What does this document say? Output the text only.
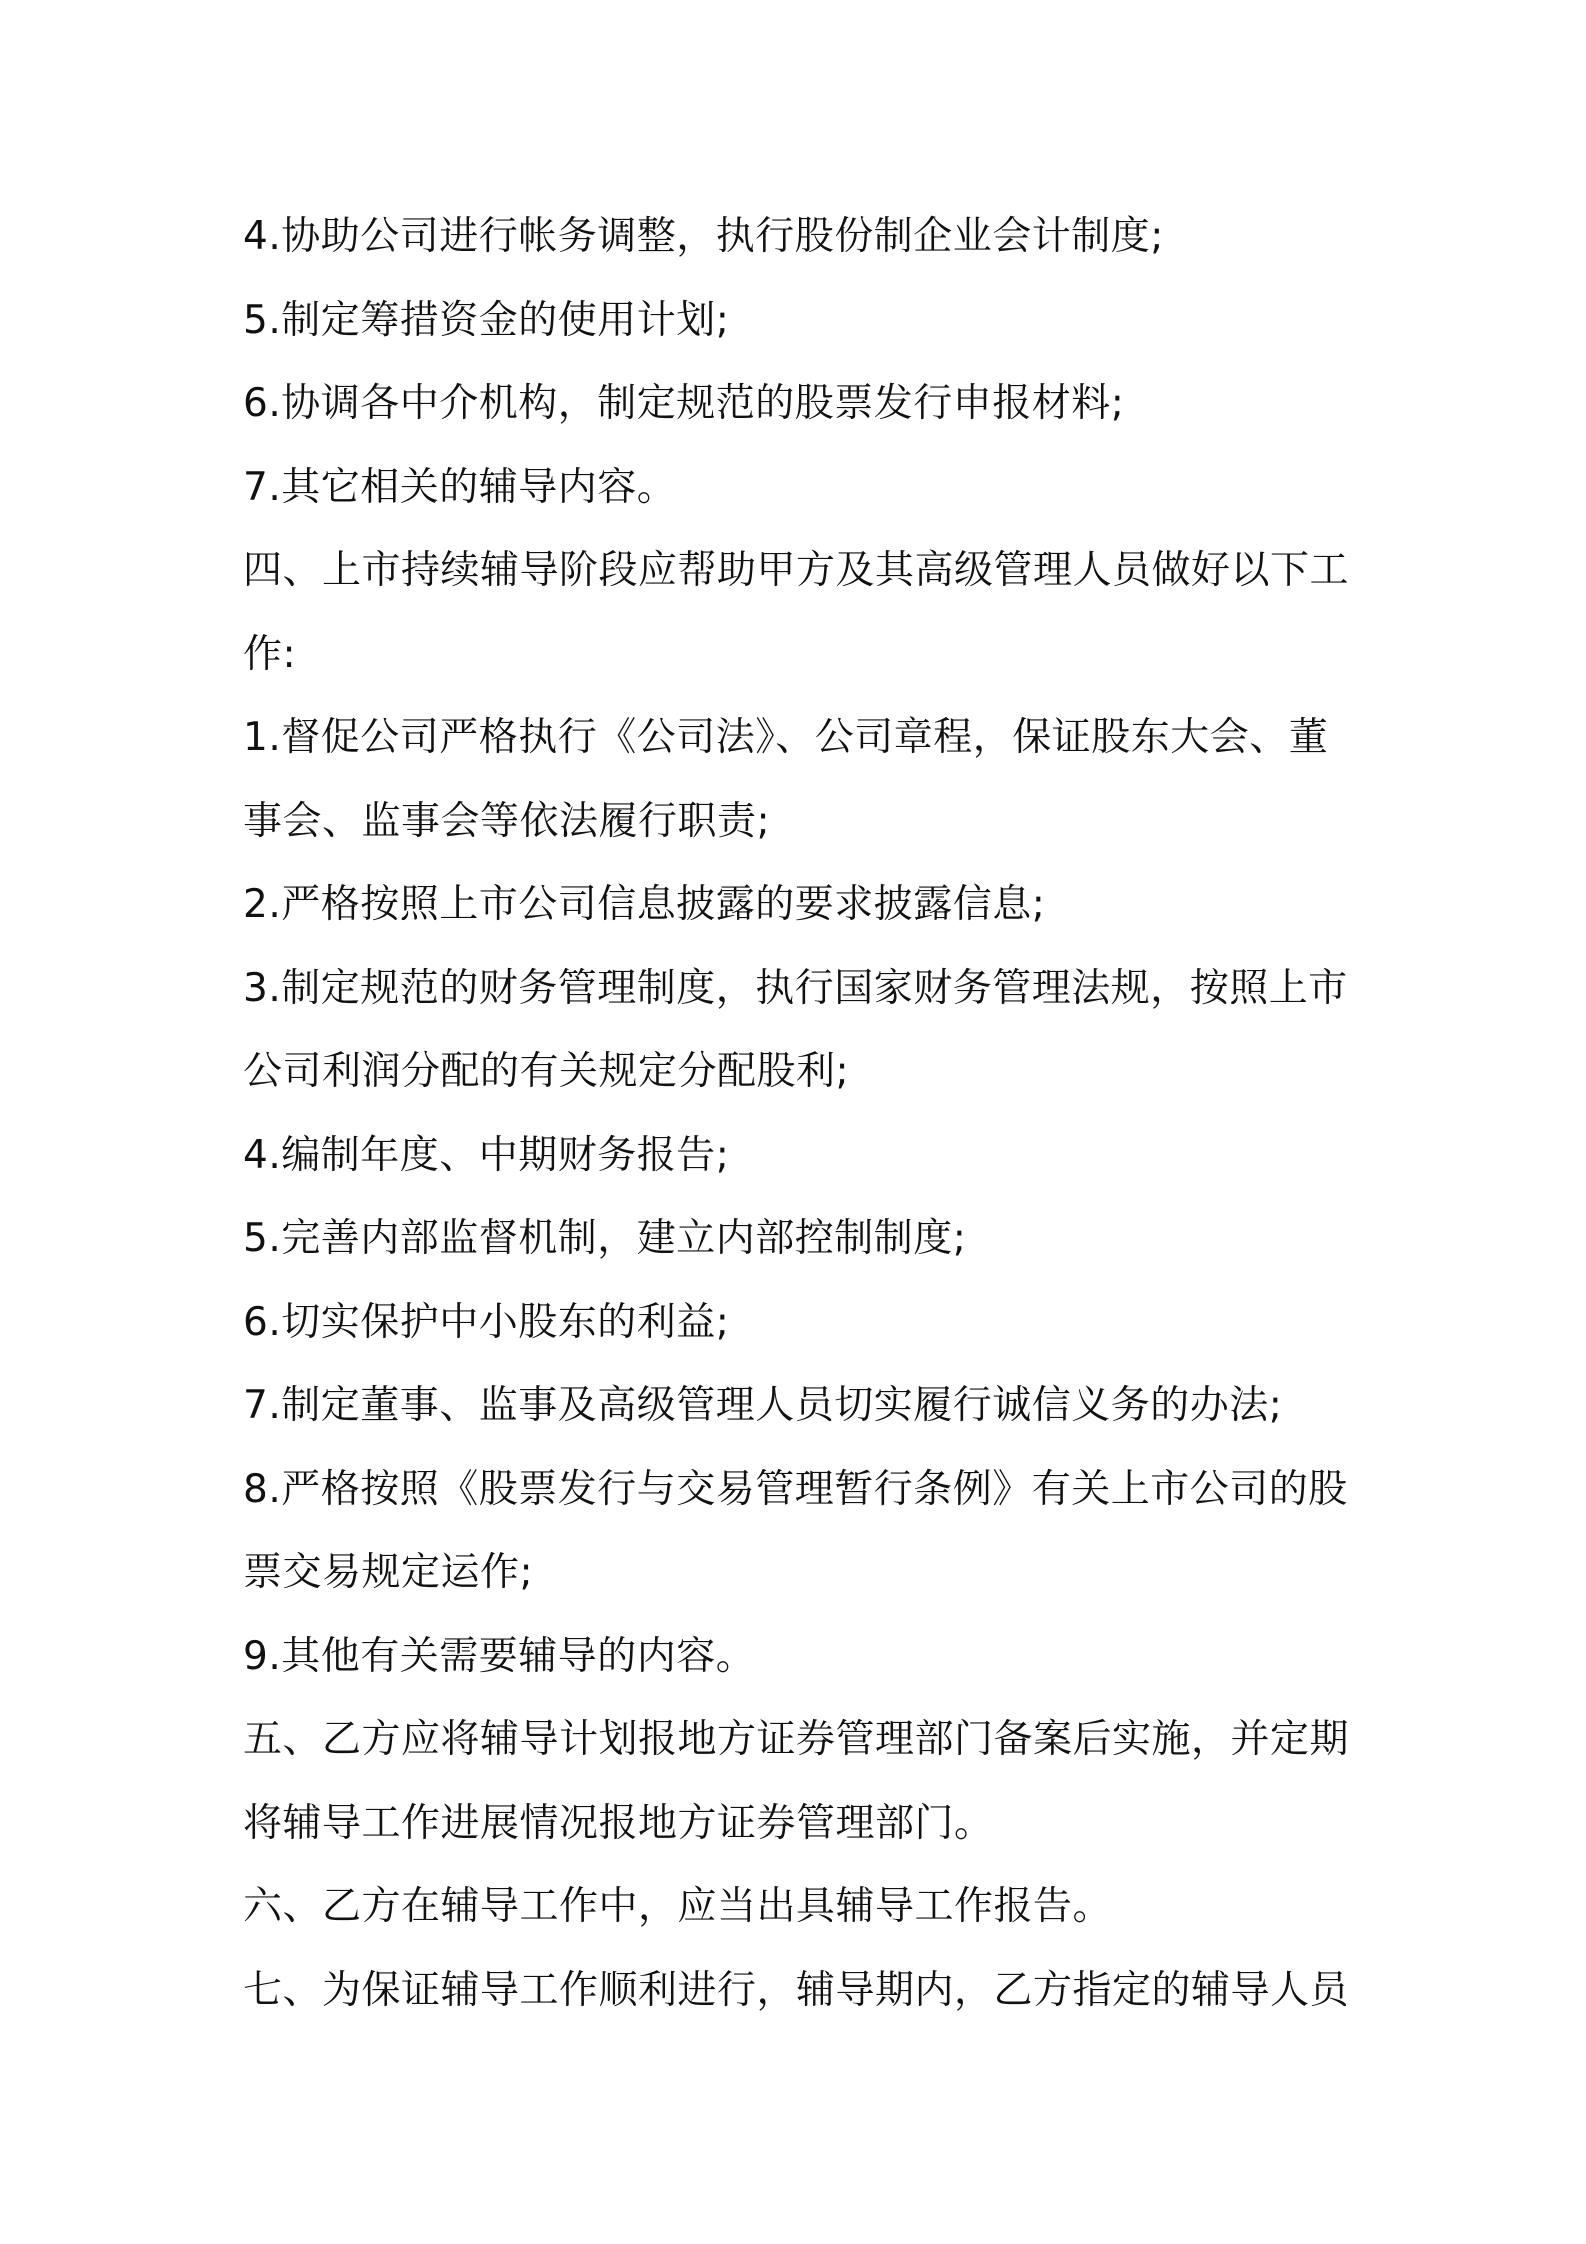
4.协助公司进行帐务调整，执行股份制企业会计制度;
5.制定筹措资金的使用计划;
6.协调各中介机构，制定规范的股票发行申报材料;
7.其它相关的辅导内容。
四、上市持续辅导阶段应帮助甲方及其高级管理人员做好以下工
作:
1.督促公司严格执行《公司法》、公司章程，保证股东大会、董
事会、监事会等依法履行职责;
2.严格按照上市公司信息披露的要求披露信息;
3.制定规范的财务管理制度，执行国家财务管理法规，按照上市
公司利润分配的有关规定分配股利;
4.编制年度、中期财务报告;
5.完善内部监督机制，建立内部控制制度;
6.切实保护中小股东的利益;
7.制定董事、监事及高级管理人员切实履行诚信义务的办法;
8.严格按照《股票发行与交易管理暂行条例》有关上市公司的股
票交易规定运作;
9.其他有关需要辅导的内容。
五、乙方应将辅导计划报地方证券管理部门备案后实施，并定期
将辅导工作进展情况报地方证券管理部门。
六、乙方在辅导工作中，应当出具辅导工作报告。
七、为保证辅导工作顺利进行，辅导期内，乙方指定的辅导人员
